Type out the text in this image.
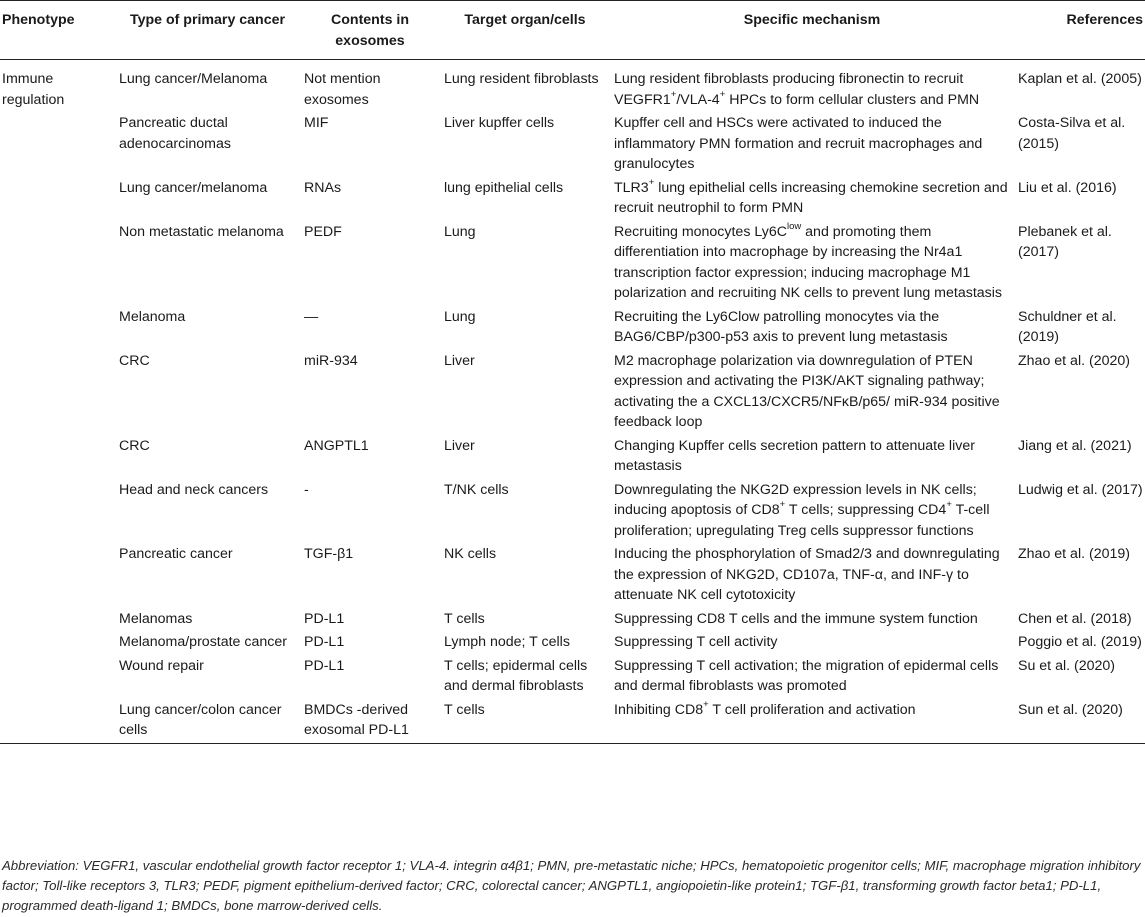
Phenotype	Type of primary cancer	Contents in exosomes	Target organ/cells	Specific mechanism	References
Immune regulation	Lung cancer/Melanoma	Not mention exosomes	Lung resident fibroblasts	Lung resident fibroblasts producing fibronectin to recruit VEGFR1+/VLA-4+ HPCs to form cellular clusters and PMN	Kaplan et al. (2005)
	Pancreatic ductal adenocarcinomas	MIF	Liver kupffer cells	Kupffer cell and HSCs were activated to induced the inflammatory PMN formation and recruit macrophages and granulocytes	Costa-Silva et al. (2015)
	Lung cancer/melanoma	RNAs	lung epithelial cells	TLR3+ lung epithelial cells increasing chemokine secretion and recruit neutrophil to form PMN	Liu et al. (2016)
	Non metastatic melanoma	PEDF	Lung	Recruiting monocytes $Ly6C^{low}$ and promoting them differentiation into macrophage by increasing the Nr4a1 transcription factor expression; inducing macrophage M1 polarization and recruiting NK cells to prevent lung metastasis	Plebanek et al. (2017)
	Melanoma	—	Lung	Recruiting the Ly6Clow patrolling monocytes via the BAG6/CBP/p300-p53 axis to prevent lung metastasis	Schuldner et al. (2019)
	CRC	miR-934	Liver	M2 macrophage polarization via downregulation of PTEN expression and activating the PI3K/AKT signaling pathway; activating the a CXCL13/CXCR5/NFκB/p65/ miR-934 positive feedback loop	Zhao et al. (2020)
	CRC	ANGPTL1	Liver	Changing Kupffer cells secretion pattern to attenuate liver metastasis	Jiang et al. (2021)
	Head and neck cancers	-	T/NK cells	Downregulating the NKG2D expression levels in NK cells; inducing apoptosis of CD8+ T cells; suppressing CD4+ T-cell proliferation; upregulating Treg cells suppressor functions	Ludwig et al. (2017)
	Pancreatic cancer	TGF-β1	NK cells	Inducing the phosphorylation of Smad2/3 and downregulating the expression of NKG2D, CD107a, TNF-α, and INF-γ to attenuate NK cell cytotoxicity	Zhao et al. (2019)
	Melanomas	PD-L1	T cells	Suppressing CD8 T cells and the immune system function	Chen et al. (2018)
	Melanoma/prostate cancer	PD-L1	Lymph node; T cells	Suppressing T cell activity	Poggio et al. (2019)
	Wound repair	PD-L1	T cells; epidermal cells and dermal fibroblasts	Suppressing T cell activation; the migration of epidermal cells and dermal fibroblasts was promoted	Su et al. (2020)
	Lung cancer/colon cancer cells	BMDCs -derived exosomal PD-L1	T cells	Inhibiting CD8+ T cell proliferation and activation	Sun et al. (2020)
Abbreviation: VEGFR1, vascular endothelial growth factor receptor 1; VLA-4. integrin α4β1; PMN, pre-metastatic niche; HPCs, hematopoietic progenitor cells; MIF, macrophage migration inhibitory factor; Toll-like receptors 3, TLR3; PEDF, pigment epithelium-derived factor; CRC, colorectal cancer; ANGPTL1, angiopoietin-like protein1; TGF-β1, transforming growth factor beta1; PD-L1, programmed death-ligand 1; BMDCs, bone marrow-derived cells.
